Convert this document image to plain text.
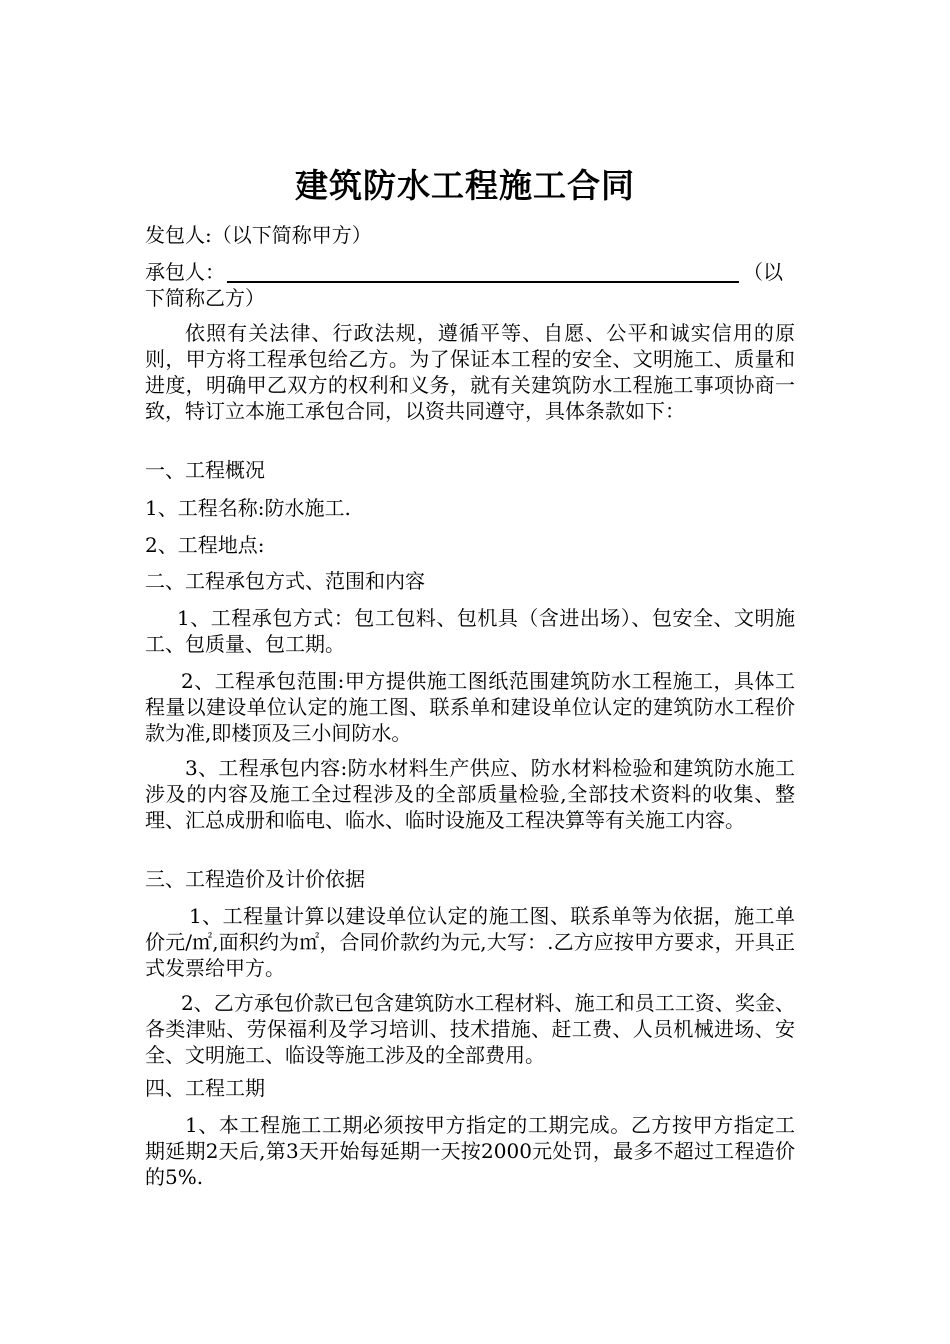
建筑防水工程施工合同
发包人:（以下简称甲方）
承包人：	（以
下简称乙方）
依照有关法律、行政法规，遵循平等、自愿、公平和诚实信用的原则，甲方将工程承包给乙方。为了保证本工程的安全、文明施工、质量和进度，明确甲乙双方的权利和义务，就有关建筑防水工程施工事项协商一致，特订立本施工承包合同，以资共同遵守，具体条款如下：
一、工程概况
1、工程名称:防水施工.
2、工程地点:
二、工程承包方式、范围和内容
1、工程承包方式：包工包料、包机具（含进出场）、包安全、文明施工、包质量、包工期。
2、工程承包范围:甲方提供施工图纸范围建筑防水工程施工，具体工程量以建设单位认定的施工图、联系单和建设单位认定的建筑防水工程价款为准,即楼顶及三小间防水。
3、工程承包内容:防水材料生产供应、防水材料检验和建筑防水施工涉及的内容及施工全过程涉及的全部质量检验,全部技术资料的收集、整理、汇总成册和临电、临水、临时设施及工程决算等有关施工内容。
三、工程造价及计价依据
1、工程量计算以建设单位认定的施工图、联系单等为依据，施工单价元/㎡,面积约为㎡，合同价款约为元,大写：.乙方应按甲方要求，开具正式发票给甲方。
2、乙方承包价款已包含建筑防水工程材料、施工和员工工资、奖金、各类津贴、劳保福利及学习培训、技术措施、赶工费、人员机械进场、安全、文明施工、临设等施工涉及的全部费用。
四、工程工期
1、本工程施工工期必须按甲方指定的工期完成。乙方按甲方指定工期延期2天后,第3天开始每延期一天按2000元处罚，最多不超过工程造价的5%.
